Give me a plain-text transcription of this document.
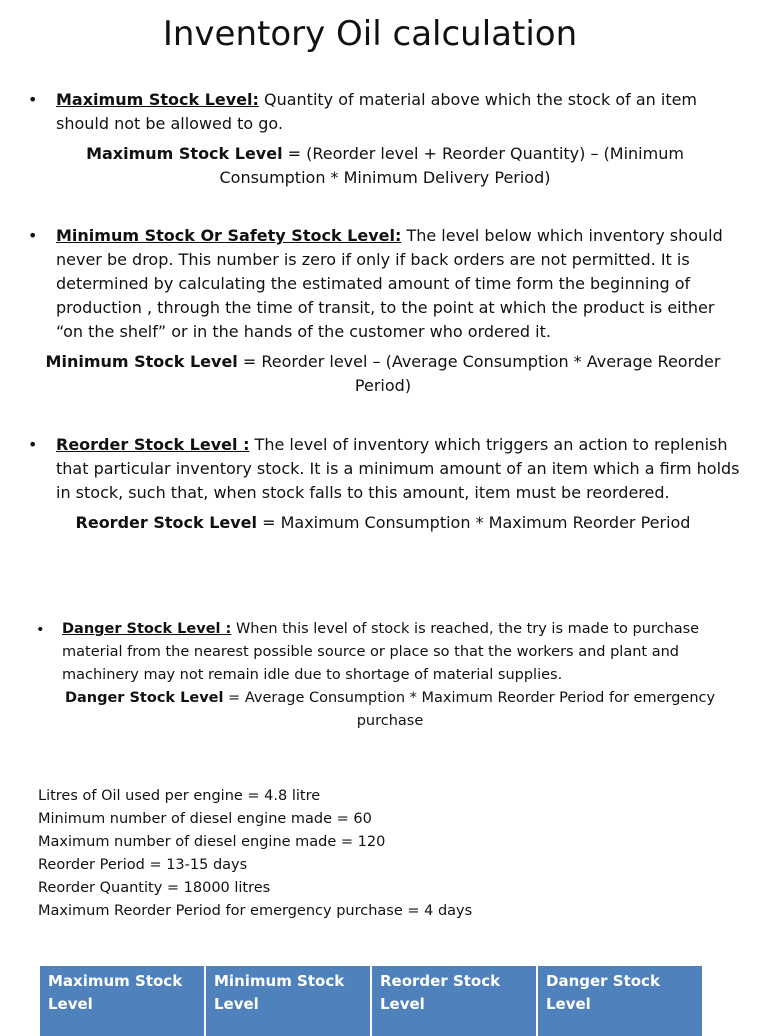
Inventory Oil calculation
• Maximum Stock Level: Quantity of material above which the stock of an item should not be allowed to go.
Maximum Stock Level = (Reorder level + Reorder Quantity) – (Minimum Consumption * Minimum Delivery Period)
• Minimum Stock Or Safety Stock Level: The level below which inventory should never be drop. This number is zero if only if back orders are not permitted. It is determined by calculating the estimated amount of time form the beginning of production , through the time of transit, to the point at which the product is either “on the shelf” or in the hands of the customer who ordered it.
Minimum Stock Level = Reorder level – (Average Consumption * Average Reorder Period)
• Reorder Stock Level : The level of inventory which triggers an action to replenish that particular inventory stock. It is a minimum amount of an item which a firm holds in stock, such that, when stock falls to this amount, item must be reordered.
Reorder Stock Level = Maximum Consumption * Maximum Reorder Period
• Danger Stock Level : When this level of stock is reached, the try is made to purchase material from the nearest possible source or place so that the workers and plant and machinery may not remain idle due to shortage of material supplies.
Danger Stock Level = Average Consumption * Maximum Reorder Period for emergency purchase
Litres of Oil used per engine = 4.8 litre
Minimum number of diesel engine made = 60
Maximum number of diesel engine made = 120
Reorder Period = 13-15 days
Reorder Quantity = 18000 litres
Maximum Reorder Period for emergency purchase = 4 days
Maximum Stock Level	Minimum Stock Level	Reorder Stock Level	Danger Stock Level
